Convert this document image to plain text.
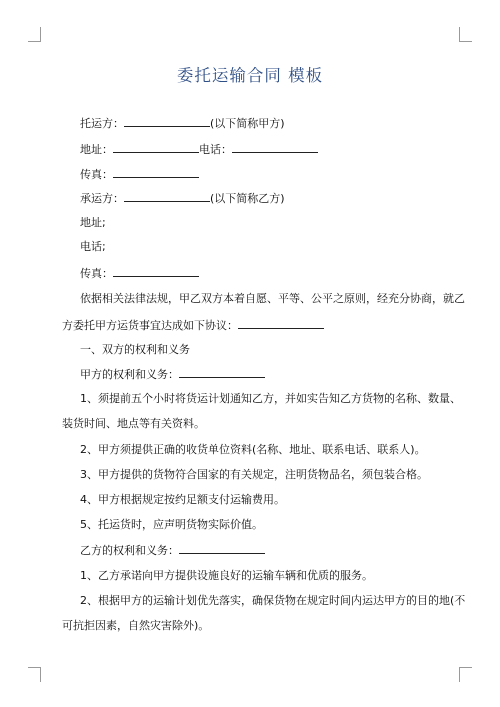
委托运输合同 模板
托运方：	(以下简称甲方)
地址：	电话：
传真：
承运方：	(以下简称乙方)
地址;
电话;
传真：
依据相关法律法规，甲乙双方本着自愿、平等、公平之原则，经充分协商，就乙
方委托甲方运货事宜达成如下协议：
一、双方的权利和义务
甲方的权利和义务：
1、须提前五个小时将货运计划通知乙方，并如实告知乙方货物的名称、数量、
装货时间、地点等有关资料。
2、甲方须提供正确的收货单位资料(名称、地址、联系电话、联系人)。
3、甲方提供的货物符合国家的有关规定，注明货物品名，须包装合格。
4、甲方根据规定按约足额支付运输费用。
5、托运货时，应声明货物实际价值。
乙方的权利和义务：
1、乙方承诺向甲方提供设施良好的运输车辆和优质的服务。
2、根据甲方的运输计划优先落实，确保货物在规定时间内运达甲方的目的地(不
可抗拒因素，自然灾害除外)。
